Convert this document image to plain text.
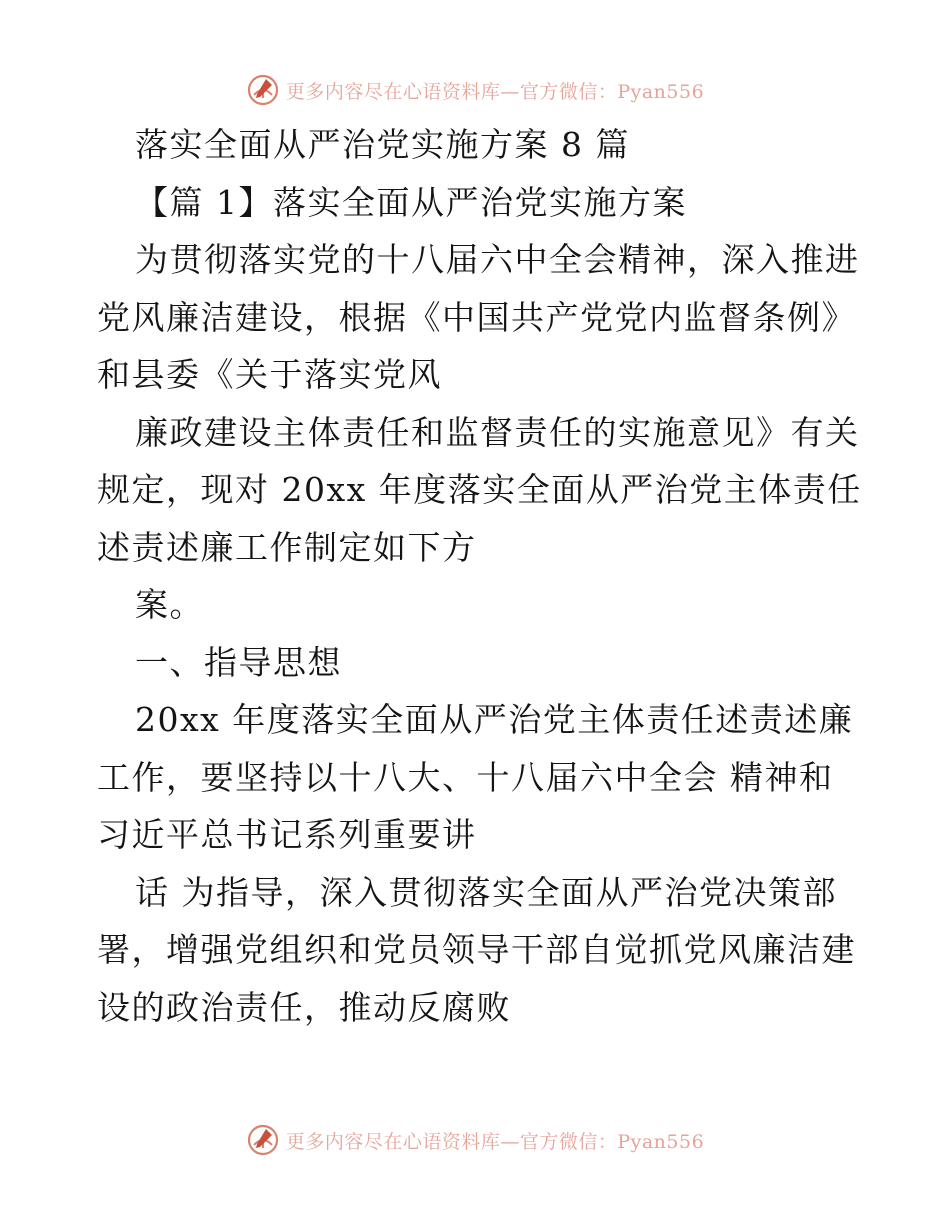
更多内容尽在心语资料库—官方微信：Pyan556
落实全面从严治党实施方案 8 篇
【篇 1】落实全面从严治党实施方案
为贯彻落实党的十八届六中全会精神，深入推进
党风廉洁建设，根据《中国共产党党内监督条例》
和县委《关于落实党风
廉政建设主体责任和监督责任的实施意见》有关
规定，现对 20xx 年度落实全面从严治党主体责任
述责述廉工作制定如下方
案。
一、指导思想
20xx 年度落实全面从严治党主体责任述责述廉
工作，要坚持以十八大、十八届六中全会 精神和
习近平总书记系列重要讲
话 为指导，深入贯彻落实全面从严治党决策部
署，增强党组织和党员领导干部自觉抓党风廉洁建
设的政治责任，推动反腐败
更多内容尽在心语资料库—官方微信：Pyan556
